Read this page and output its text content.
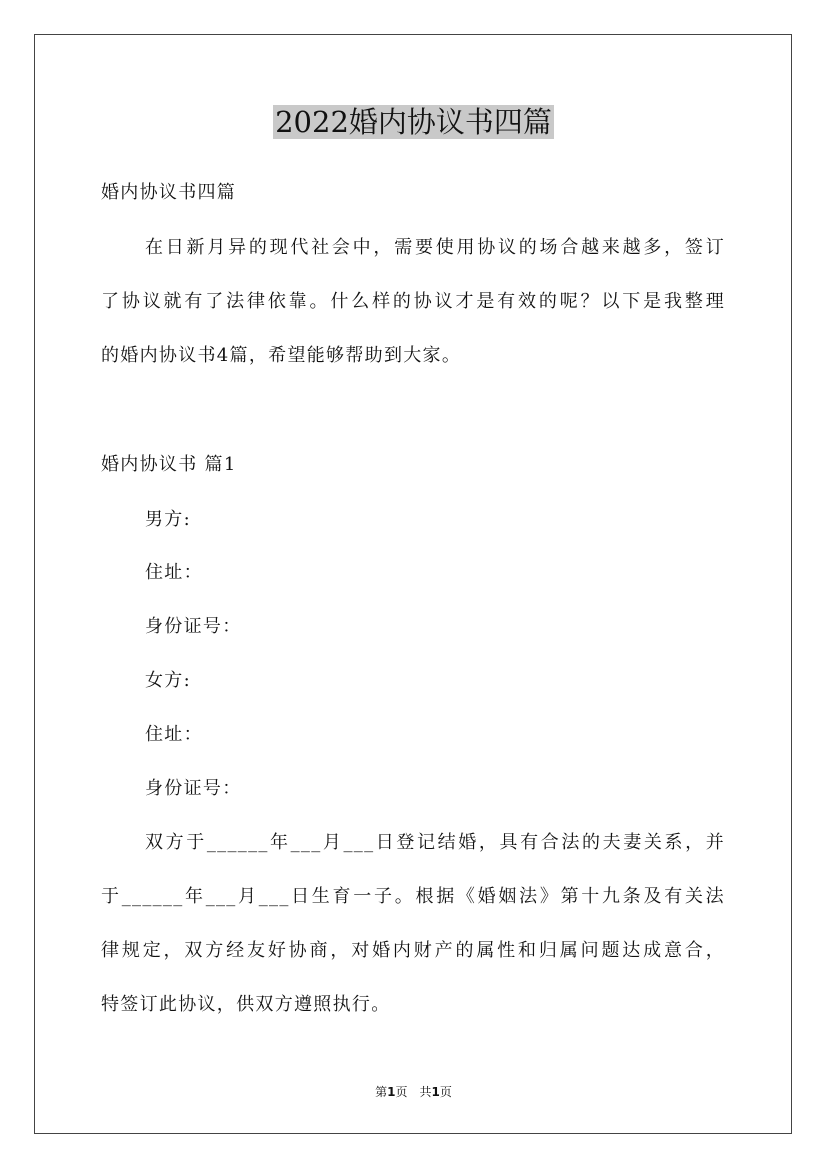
2022婚内协议书四篇
婚内协议书四篇
在日新月异的现代社会中，需要使用协议的场合越来越多，签订
了协议就有了法律依靠。什么样的协议才是有效的呢？以下是我整理
的婚内协议书4篇，希望能够帮助到大家。
婚内协议书 篇1
男方:
住址：
身份证号：
女方:
住址：
身份证号：
双方于______年___月___日登记结婚，具有合法的夫妻关系，并
于______年___月___日生育一子。根据《婚姻法》第十九条及有关法
律规定，双方经友好协商，对婚内财产的属性和归属问题达成意合，
特签订此协议，供双方遵照执行。
第1页 共1页
